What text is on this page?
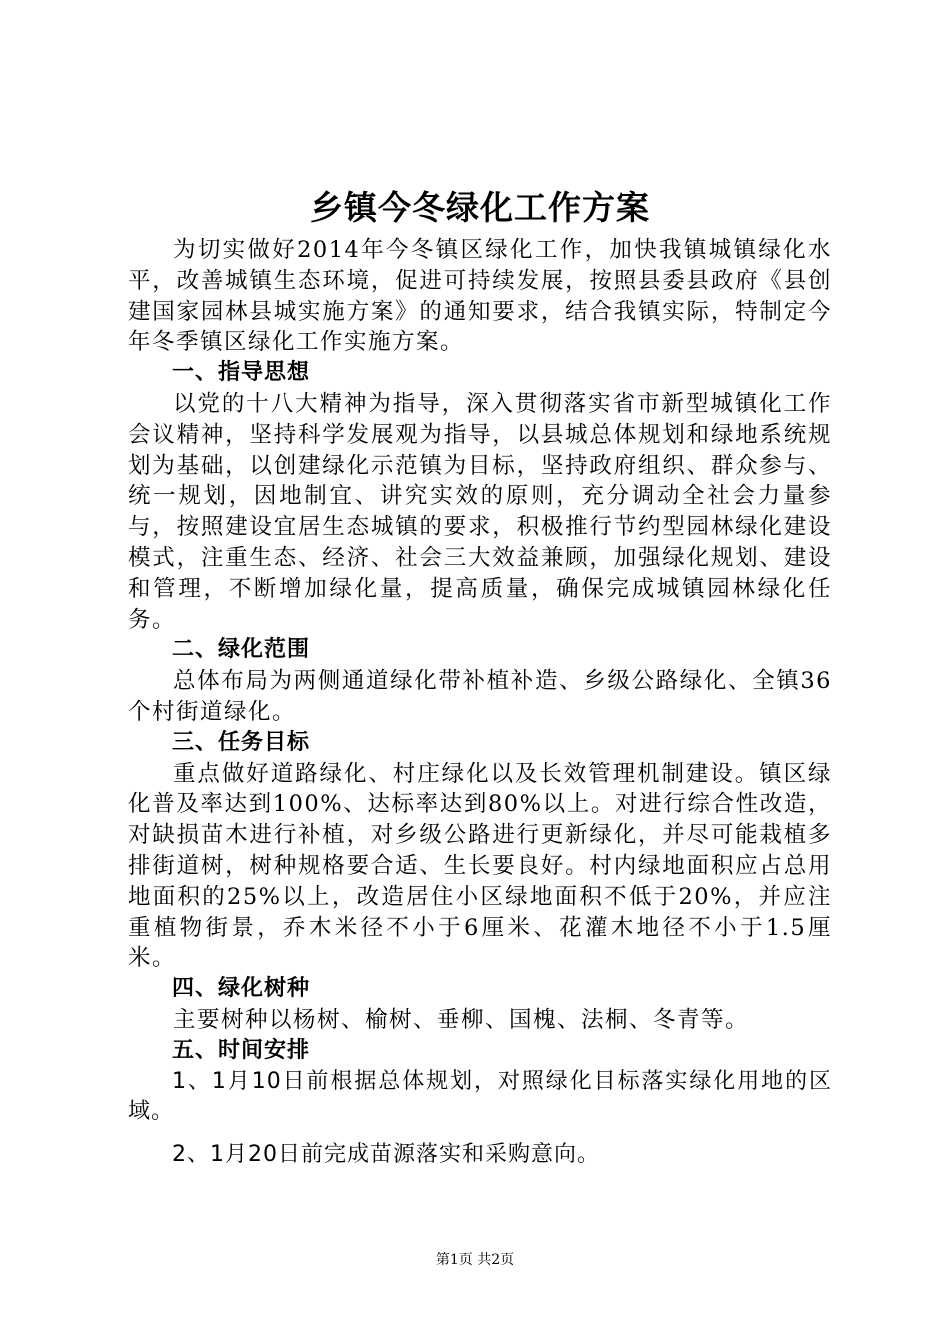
乡镇今冬绿化工作方案

为切实做好2014年今冬镇区绿化工作，加快我镇城镇绿化水平，改善城镇生态环境，促进可持续发展，按照县委县政府《县创建国家园林县城实施方案》的通知要求，结合我镇实际，特制定今年冬季镇区绿化工作实施方案。

一、指导思想

以党的十八大精神为指导，深入贯彻落实省市新型城镇化工作会议精神，坚持科学发展观为指导，以县城总体规划和绿地系统规划为基础，以创建绿化示范镇为目标，坚持政府组织、群众参与、统一规划，因地制宜、讲究实效的原则，充分调动全社会力量参与，按照建设宜居生态城镇的要求，积极推行节约型园林绿化建设模式，注重生态、经济、社会三大效益兼顾，加强绿化规划、建设和管理，不断增加绿化量，提高质量，确保完成城镇园林绿化任务。

二、绿化范围

总体布局为两侧通道绿化带补植补造、乡级公路绿化、全镇36个村街道绿化。

三、任务目标

重点做好道路绿化、村庄绿化以及长效管理机制建设。镇区绿化普及率达到100%、达标率达到80%以上。对进行综合性改造，对缺损苗木进行补植，对乡级公路进行更新绿化，并尽可能栽植多排街道树，树种规格要合适、生长要良好。村内绿地面积应占总用地面积的25%以上，改造居住小区绿地面积不低于20%，并应注重植物街景，乔木米径不小于6厘米、花灌木地径不小于1.5厘米。

四、绿化树种

主要树种以杨树、榆树、垂柳、国槐、法桐、冬青等。

五、时间安排

1、1月10日前根据总体规划，对照绿化目标落实绿化用地的区域。

2、1月20日前完成苗源落实和采购意向。

第1页 共2页
